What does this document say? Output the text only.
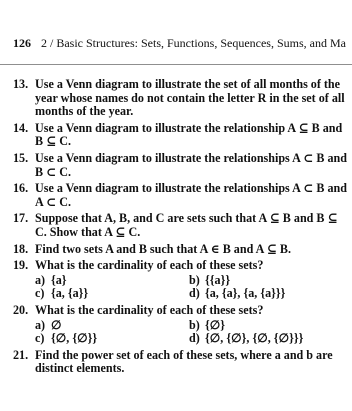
126 2 / Basic Structures: Sets, Functions, Sequences, Sums, and Ma
13. Use a Venn diagram to illustrate the set of all months of the year whose names do not contain the letter R in the set of all months of the year.
14. Use a Venn diagram to illustrate the relationship A ⊆ B and B ⊆ C.
15. Use a Venn diagram to illustrate the relationships A ⊂ B and B ⊂ C.
16. Use a Venn diagram to illustrate the relationships A ⊂ B and A ⊂ C.
17. Suppose that A, B, and C are sets such that A ⊆ B and B ⊆ C. Show that A ⊆ C.
18. Find two sets A and B such that A ∈ B and A ⊆ B.
19. What is the cardinality of each of these sets?
a) {a}	b) {{a}}
c) {a, {a}}	d) {a, {a}, {a, {a}}}
20. What is the cardinality of each of these sets?
a) ∅	b) {∅}
c) {∅, {∅}}	d) {∅, {∅}, {∅, {∅}}}
21. Find the power set of each of these sets, where a and b are distinct elements.
